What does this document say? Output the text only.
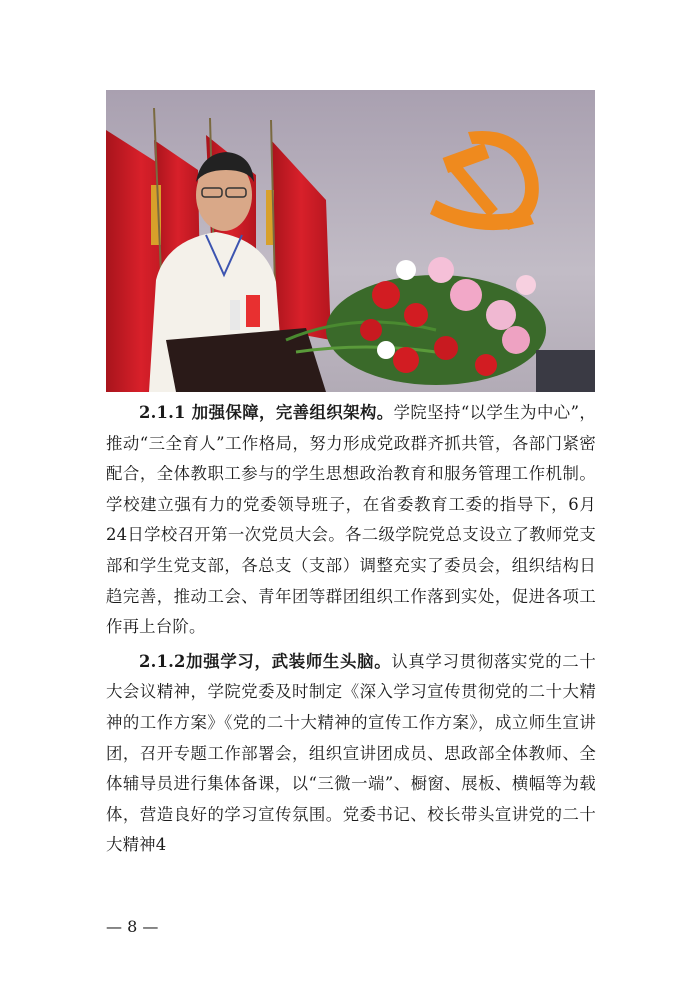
2.1.1 加强保障，完善组织架构。学院坚持“以学生为中心”，推动“三全育人”工作格局，努力形成党政群齐抓共管，各部门紧密配合，全体教职工参与的学生思想政治教育和服务管理工作机制。学校建立强有力的党委领导班子，在省委教育工委的指导下，6月24日学校召开第一次党员大会。各二级学院党总支设立了教师党支部和学生党支部，各总支（支部）调整充实了委员会，组织结构日趋完善，推动工会、青年团等群团组织工作落到实处，促进各项工作再上台阶。

2.1.2加强学习，武装师生头脑。认真学习贯彻落实党的二十大会议精神，学院党委及时制定《深入学习宣传贯彻党的二十大精神的工作方案》《党的二十大精神的宣传工作方案》，成立师生宣讲团，召开专题工作部署会，组织宣讲团成员、思政部全体教师、全体辅导员进行集体备课，以“三微一端”、橱窗、展板、横幅等为载体，营造良好的学习宣传氛围。党委书记、校长带头宣讲党的二十大精神4

— 8 —
